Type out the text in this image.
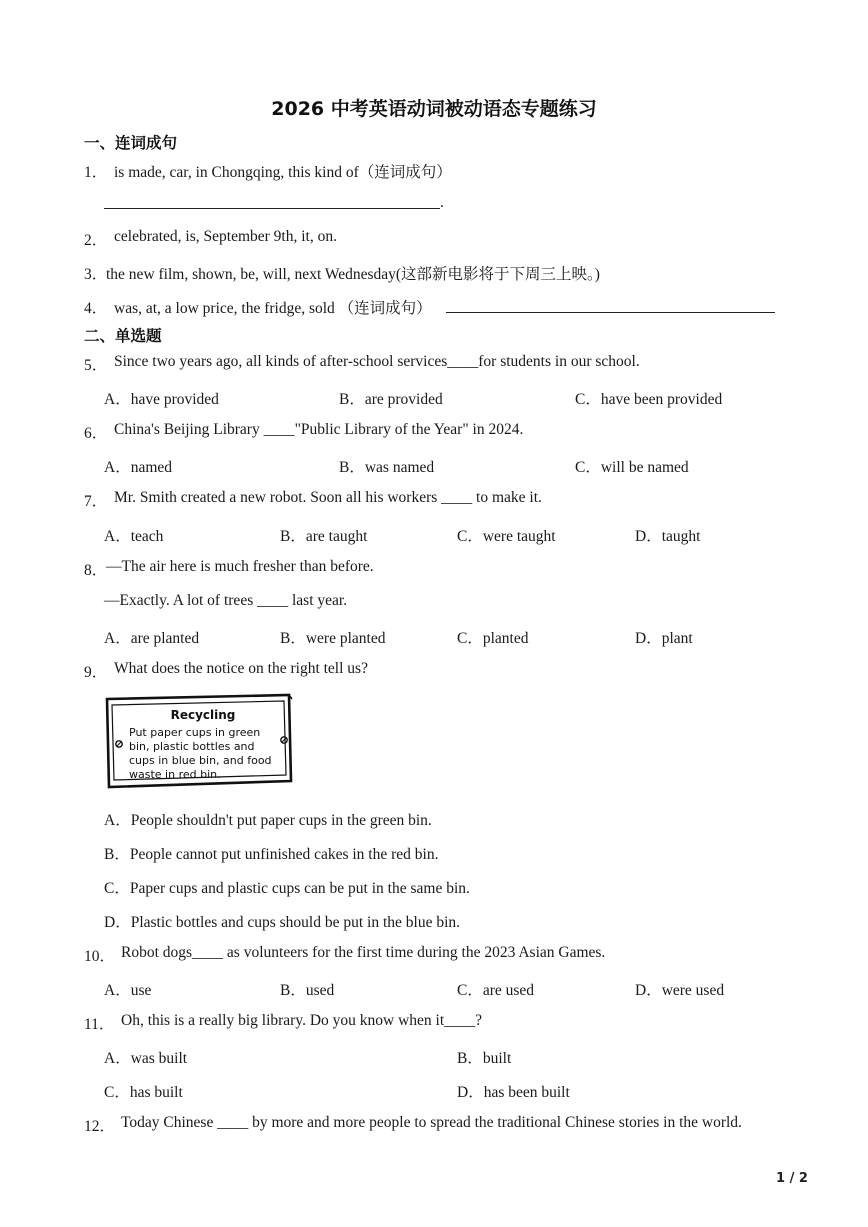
2026 中考英语动词被动语态专题练习
一、连词成句
1． is made, car, in Chongqing, this kind of（连词成句）
.
2． celebrated, is, September 9th, it, on.
3．
the new film, shown, be, will, next Wednesday(这部新电影将于下周三上映。)
4． was, at, a low price, the fridge, sold （连词成句）
二、单选题
5． Since two years ago, all kinds of after-school services____for students in our school.
A．have provided	B．are provided	C．have been provided
6． China's Beijing Library ____"Public Library of the Year" in 2024.
A．named	B．was named	C．will be named
7． Mr. Smith created a new robot. Soon all his workers ____ to make it.
A．teach	B．are taught	C．were taught	D．taught
8．
—The air here is much fresher than before.
—Exactly. A lot of trees ____ last year.
A．are planted	B．were planted	C．planted	D．plant
9． What does the notice on the right tell us?
Recycling
Put paper cups in green bin, plastic bottles and cups in blue bin, and food waste in red bin.
A．People shouldn't put paper cups in the green bin.
B．People cannot put unfinished cakes in the red bin.
C．Paper cups and plastic cups can be put in the same bin.
D．Plastic bottles and cups should be put in the blue bin.
10． Robot dogs____ as volunteers for the first time during the 2023 Asian Games.
A．use	B．used	C．are used	D．were used
11． Oh, this is a really big library. Do you know when it____?
A．was built	B．built
C．has built	D．has been built
12． Today Chinese ____ by more and more people to spread the traditional Chinese stories in the world.
1 / 2
